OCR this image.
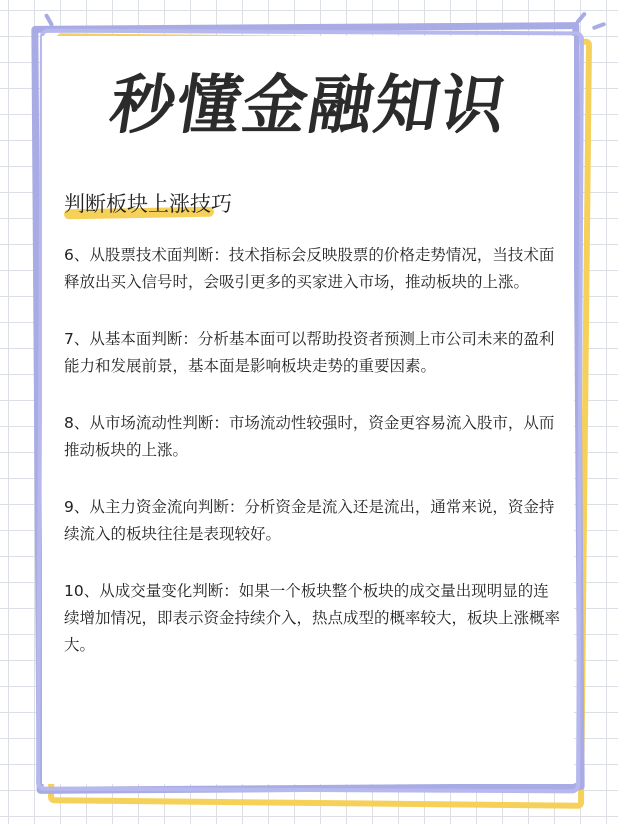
秒懂金融知识
判断板块上涨技巧

6、从股票技术面判断：技术指标会反映股票的价格走势情况，当技术面释放出买入信号时，会吸引更多的买家进入市场，推动板块的上涨。

7、从基本面判断：分析基本面可以帮助投资者预测上市公司未来的盈利能力和发展前景，基本面是影响板块走势的重要因素。

8、从市场流动性判断：市场流动性较强时，资金更容易流入股市，从而推动板块的上涨。

9、从主力资金流向判断：分析资金是流入还是流出，通常来说，资金持续流入的板块往往是表现较好。

10、从成交量变化判断：如果一个板块整个板块的成交量出现明显的连续增加情况，即表示资金持续介入，热点成型的概率较大，板块上涨概率大。
